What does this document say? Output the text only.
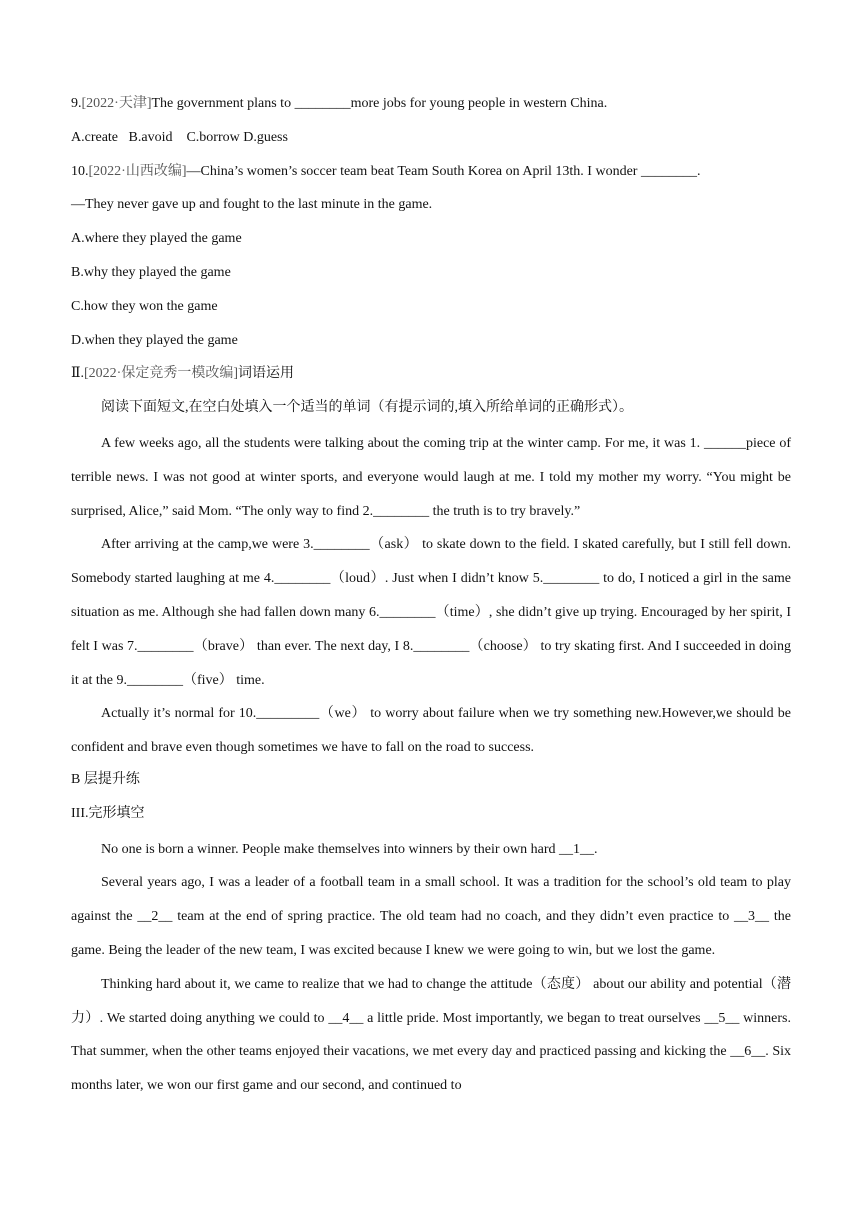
9.[2022·天津]The government plans to ________more jobs for young people in western China.
A.create   B.avoid    C.borrow D.guess
10.[2022·山西改编]—China’s women’s soccer team beat Team South Korea on April 13th. I wonder ________.
—They never gave up and fought to the last minute in the game.
A.where they played the game
B.why they played the game
C.how they won the game
D.when they played the game
Ⅱ.[2022·保定竞秀一模改编]词语运用
阅读下面短文,在空白处填入一个适当的单词（有提示词的,填入所给单词的正确形式）。

A few weeks ago, all the students were talking about the coming trip at the winter camp. For me, it was 1. ______piece of terrible news. I was not good at winter sports, and everyone would laugh at me. I told my mother my worry. “You might be surprised, Alice,” said Mom. “The only way to find 2.________ the truth is to try bravely.”

After arriving at the camp,we were 3.________（ask） to skate down to the field. I skated carefully, but I still fell down. Somebody started laughing at me 4.________（loud）. Just when I didn’t know 5.________ to do, I noticed a girl in the same situation as me. Although she had fallen down many 6.________（time）, she didn’t give up trying. Encouraged by her spirit, I felt I was 7.________（brave） than ever. The next day, I 8.________（choose） to try skating first. And I succeeded in doing it at the 9.________（five） time.

Actually it’s normal for 10._________（we） to worry about failure when we try something new.However,we should be confident and brave even though sometimes we have to fall on the road to success.

B 层提升练
III.完形填空

No one is born a winner. People make themselves into winners by their own hard __1__.

Several years ago, I was a leader of a football team in a small school. It was a tradition for the school’s old team to play against the __2__ team at the end of spring practice. The old team had no coach, and they didn’t even practice to __3__ the game. Being the leader of the new team, I was excited because I knew we were going to win, but we lost the game.

Thinking hard about it, we came to realize that we had to change the attitude（态度） about our ability and potential（潜力）. We started doing anything we could to __4__ a little pride. Most importantly, we began to treat ourselves __5__ winners. That summer, when the other teams enjoyed their vacations, we met every day and practiced passing and kicking the __6__. Six months later, we won our first game and our second, and continued to
